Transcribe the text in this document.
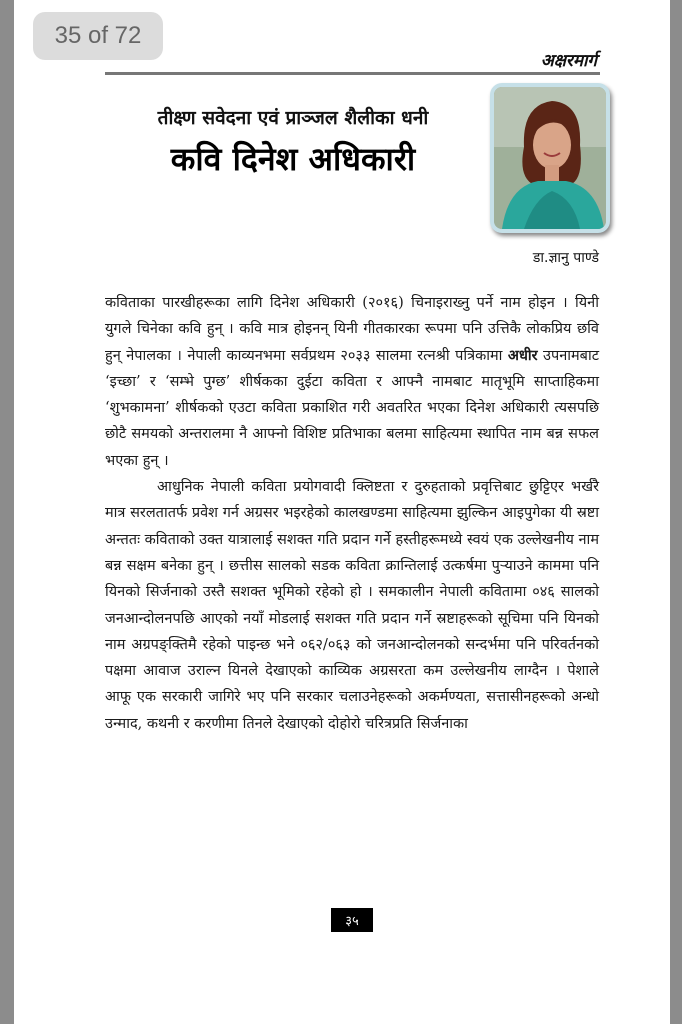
35 of 72
अक्षरमार्ग
तीक्ष्ण सवेदना एवं प्राञ्जल शैलीका धनी
कवि दिनेश अधिकारी
डा.ज्ञानु पाण्डे

कविताका पारखीहरूका लागि दिनेश अधिकारी (२०१६) चिनाइराख्नु पर्ने नाम होइन । यिनी युगले चिनेका कवि हुन् । कवि मात्र होइनन् यिनी गीतकारका रूपमा पनि उत्तिकै लोकप्रिय छवि हुन् नेपालका । नेपाली काव्यनभमा सर्वप्रथम २०३३ सालमा रत्नश्री पत्रिकामा अधीर उपनामबाट ‘इच्छा’ र ‘सम्भे पुग्छ’ शीर्षकका दुईटा कविता र आफ्नै नामबाट मातृभूमि साप्ताहिकमा ‘शुभकामना’ शीर्षकको एउटा कविता प्रकाशित गरी अवतरित भएका दिनेश अधिकारी त्यसपछि छोटै समयको अन्तरालमा नै आफ्नो विशिष्ट प्रतिभाका बलमा साहित्यमा स्थापित नाम बन्न सफल भएका हुन् ।

आधुनिक नेपाली कविता प्रयोगवादी क्लिष्टता र दुरुहताको प्रवृत्तिबाट छुट्टिएर भर्खरै मात्र सरलतातर्फ प्रवेश गर्न अग्रसर भइरहेको कालखण्डमा साहित्यमा झुल्किन आइपुगेका यी स्रष्टा अन्ततः कविताको उक्त यात्रालाई सशक्त गति प्रदान गर्ने हस्तीहरूमध्ये स्वयं एक उल्लेखनीय नाम बन्न सक्षम बनेका हुन् । छत्तीस सालको सडक कविता क्रान्तिलाई उत्कर्षमा पुऱ्याउने काममा पनि यिनको सिर्जनाको उस्तै सशक्त भूमिको रहेको हो । समकालीन नेपाली कवितामा ०४६ सालको जनआन्दोलनपछि आएको नयाँ मोडलाई सशक्त गति प्रदान गर्ने स्रष्टाहरूको सूचिमा पनि यिनको नाम अग्रपङ्क्तिमै रहेको पाइन्छ भने ०६२/०६३ को जनआन्दोलनको सन्दर्भमा पनि परिवर्तनको पक्षमा आवाज उराल्न यिनले देखाएको काव्यिक अग्रसरता कम उल्लेखनीय लाग्दैन । पेशाले आफू एक सरकारी जागिरे भए पनि सरकार चलाउनेहरूको अकर्मण्यता, सत्तासीनहरूको अन्धो उन्माद, कथनी र करणीमा तिनले देखाएको दोहोरो चरित्रप्रति सिर्जनाका

३५
